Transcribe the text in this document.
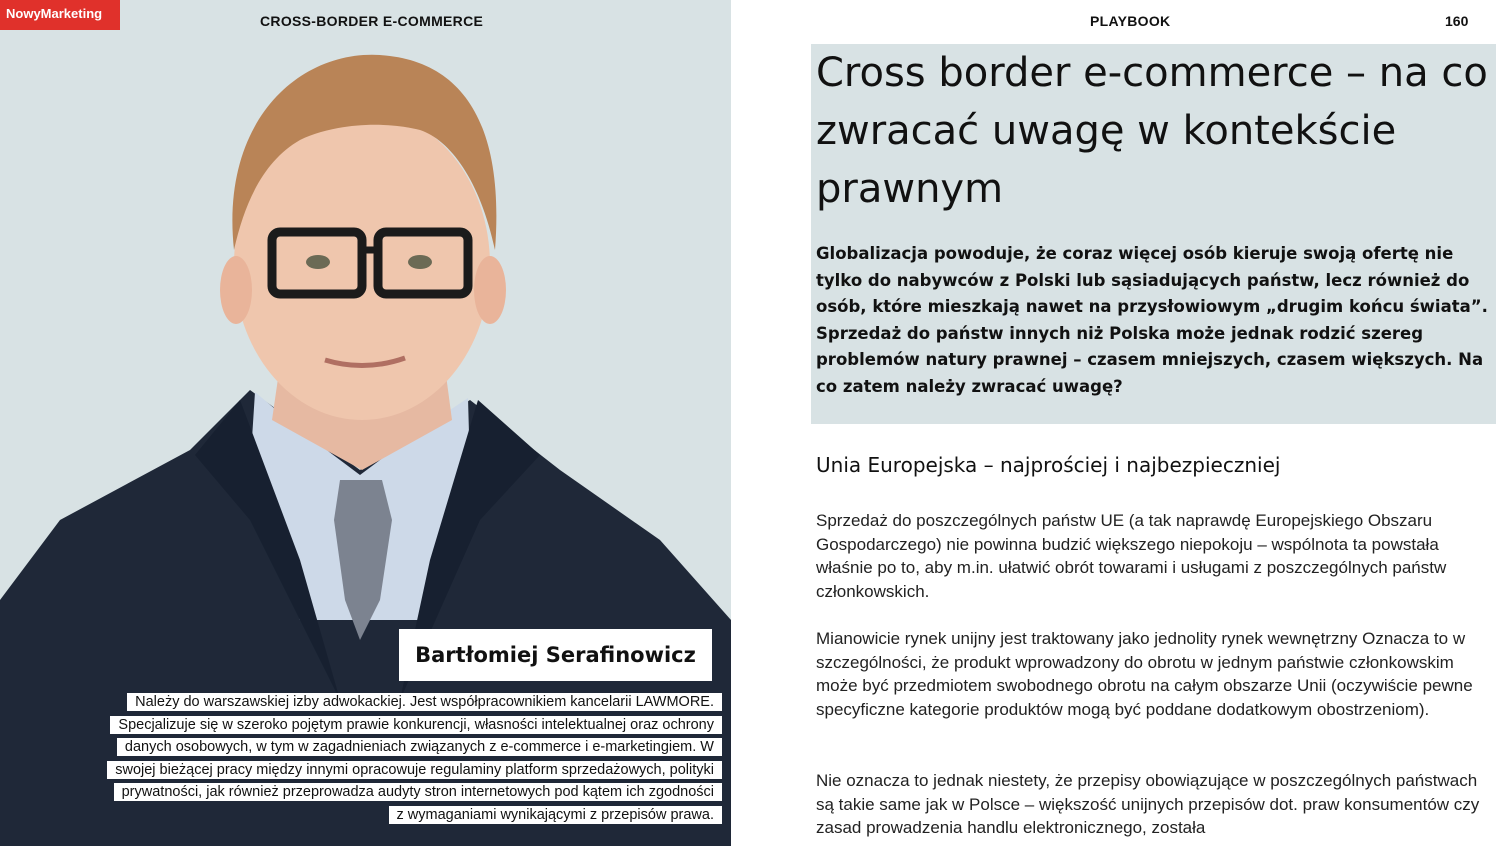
NowyMarketing	CROSS-BORDER E-COMMERCE
Bartłomiej Serafinowicz
Należy do warszawskiej izby adwokackiej. Jest współpracownikiem kancelarii LAWMORE.
Specjalizuje się w szeroko pojętym prawie konkurencji, własności intelektualnej oraz ochrony
danych osobowych, w tym w zagadnieniach związanych z e-commerce i e-marketingiem. W
swojej bieżącej pracy między innymi opracowuje regulaminy platform sprzedażowych, polityki
prywatności, jak również przeprowadza audyty stron internetowych pod kątem ich zgodności
z wymaganiami wynikającymi z przepisów prawa.
PLAYBOOK	160
Cross border e-commerce – na co zwracać uwagę w kontekście prawnym

Globalizacja powoduje, że coraz więcej osób kieruje swoją ofertę nie tylko do nabywców z Polski lub sąsiadujących państw, lecz również do osób, które mieszkają nawet na przysłowiowym „drugim końcu świata”. Sprzedaż do państw innych niż Polska może jednak rodzić szereg problemów natury prawnej – czasem mniejszych, czasem większych. Na co zatem należy zwracać uwagę?

Unia Europejska – najprościej i najbezpieczniej

Sprzedaż do poszczególnych państw UE (a tak naprawdę Europejskiego Obszaru Gospodarczego) nie powinna budzić większego niepokoju – wspólnota ta powstała właśnie po to, aby m.in. ułatwić obrót towarami i usługami z poszczególnych państw członkowskich.

Mianowicie rynek unijny jest traktowany jako jednolity rynek wewnętrzny Oznacza to w szczególności, że produkt wprowadzony do obrotu w jednym państwie członkowskim może być przedmiotem swobodnego obrotu na całym obszarze Unii (oczywiście pewne specyficzne kategorie produktów mogą być poddane dodatkowym obostrzeniom).

Nie oznacza to jednak niestety, że przepisy obowiązujące w poszczególnych państwach są takie same jak w Polsce – większość unijnych przepisów dot. praw konsumentów czy zasad prowadzenia handlu elektronicznego, została
